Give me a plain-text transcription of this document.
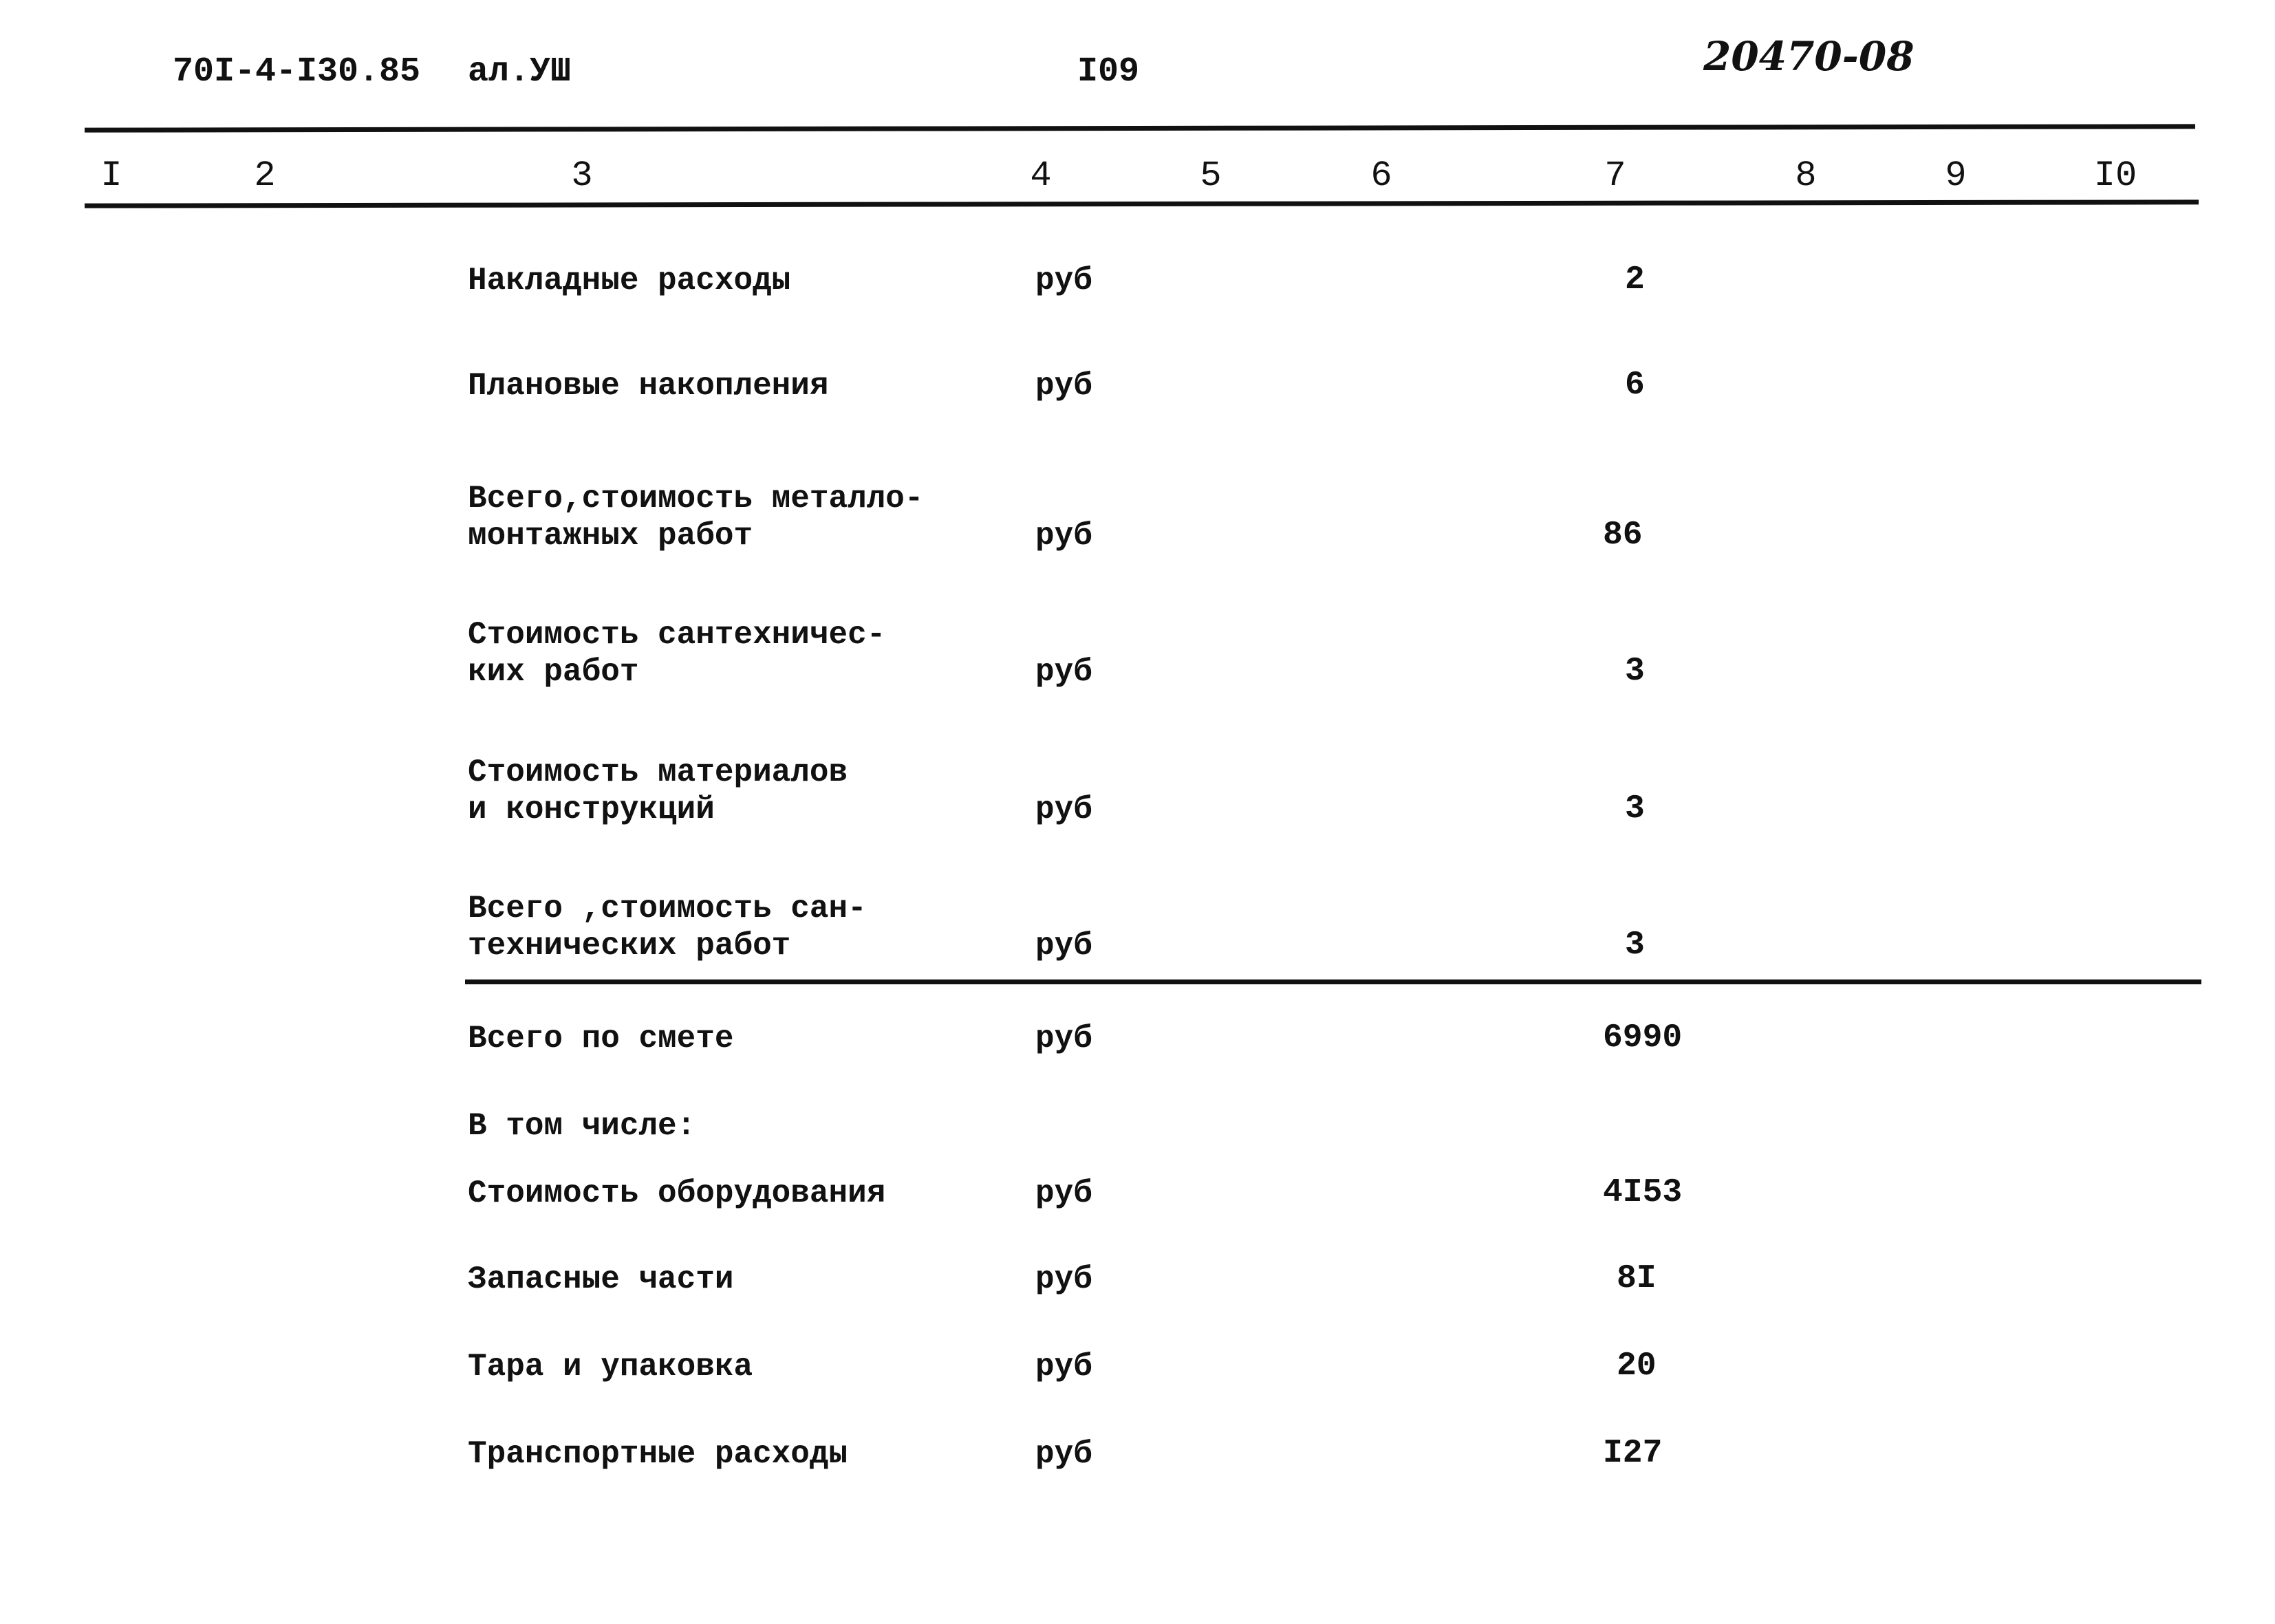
70I-4-I30.85 ал.УШ	I09	20470-08
I	2	3	4	5	6	7	8	9	I0
Накладные расходы	руб	2
Плановые накопления	руб	6
Всего,стоимость металло-
монтажных работ	руб	86
Стоимость сантехничес-
ких работ	руб	3
Стоимость материалов
и конструкций	руб	3
Всего ,стоимость сан-
технических работ	руб	3
Всего по смете	руб	6990
В том числе:
Стоимость оборудования	руб	4I53
Запасные части	руб	8I
Тара и упаковка	руб	20
Транспортные расходы	руб	I27
